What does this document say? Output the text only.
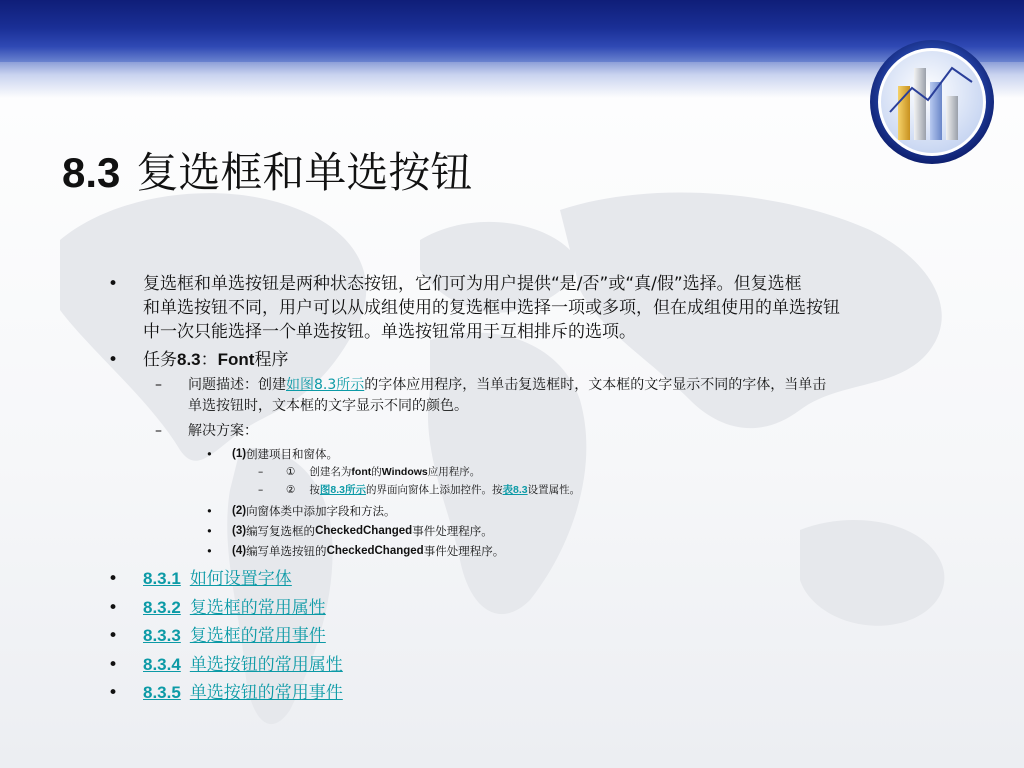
8.3 复选框和单选按钮
• 复选框和单选按钮是两种状态按钮，它们可为用户提供“是/否”或“真/假”选择。但复选框
和单选按钮不同，用户可以从成组使用的复选框中选择一项或多项，但在成组使用的单选按钮
中一次只能选择一个单选按钮。单选按钮常用于互相排斥的选项。
• 任务 8.3 ： Font 程序
– 问题描述：创建 如图8.3所示 的字体应用程序，当单击复选框时，文本框的文字显示不同的字体，当单击
单选按钮时，文本框的文字显示不同的颜色。
– 解决方案：
• (1) 创建项目和窗体。
– ① 创建名为 font 的 Windows 应用程序。
– ② 按 图8.3所示 的界面向窗体上添加控件。按 表8.3 设置属性。
• (2) 向窗体类中添加字段和方法。
• (3) 编写复选框的 CheckedChanged 事件处理程序。
• (4) 编写单选按钮的 CheckedChanged 事件处理程序。
• 8.3.1 如何设置字体
• 8.3.2 复选框的常用属性
• 8.3.3 复选框的常用事件
• 8.3.4 单选按钮的常用属性
• 8.3.5 单选按钮的常用事件
